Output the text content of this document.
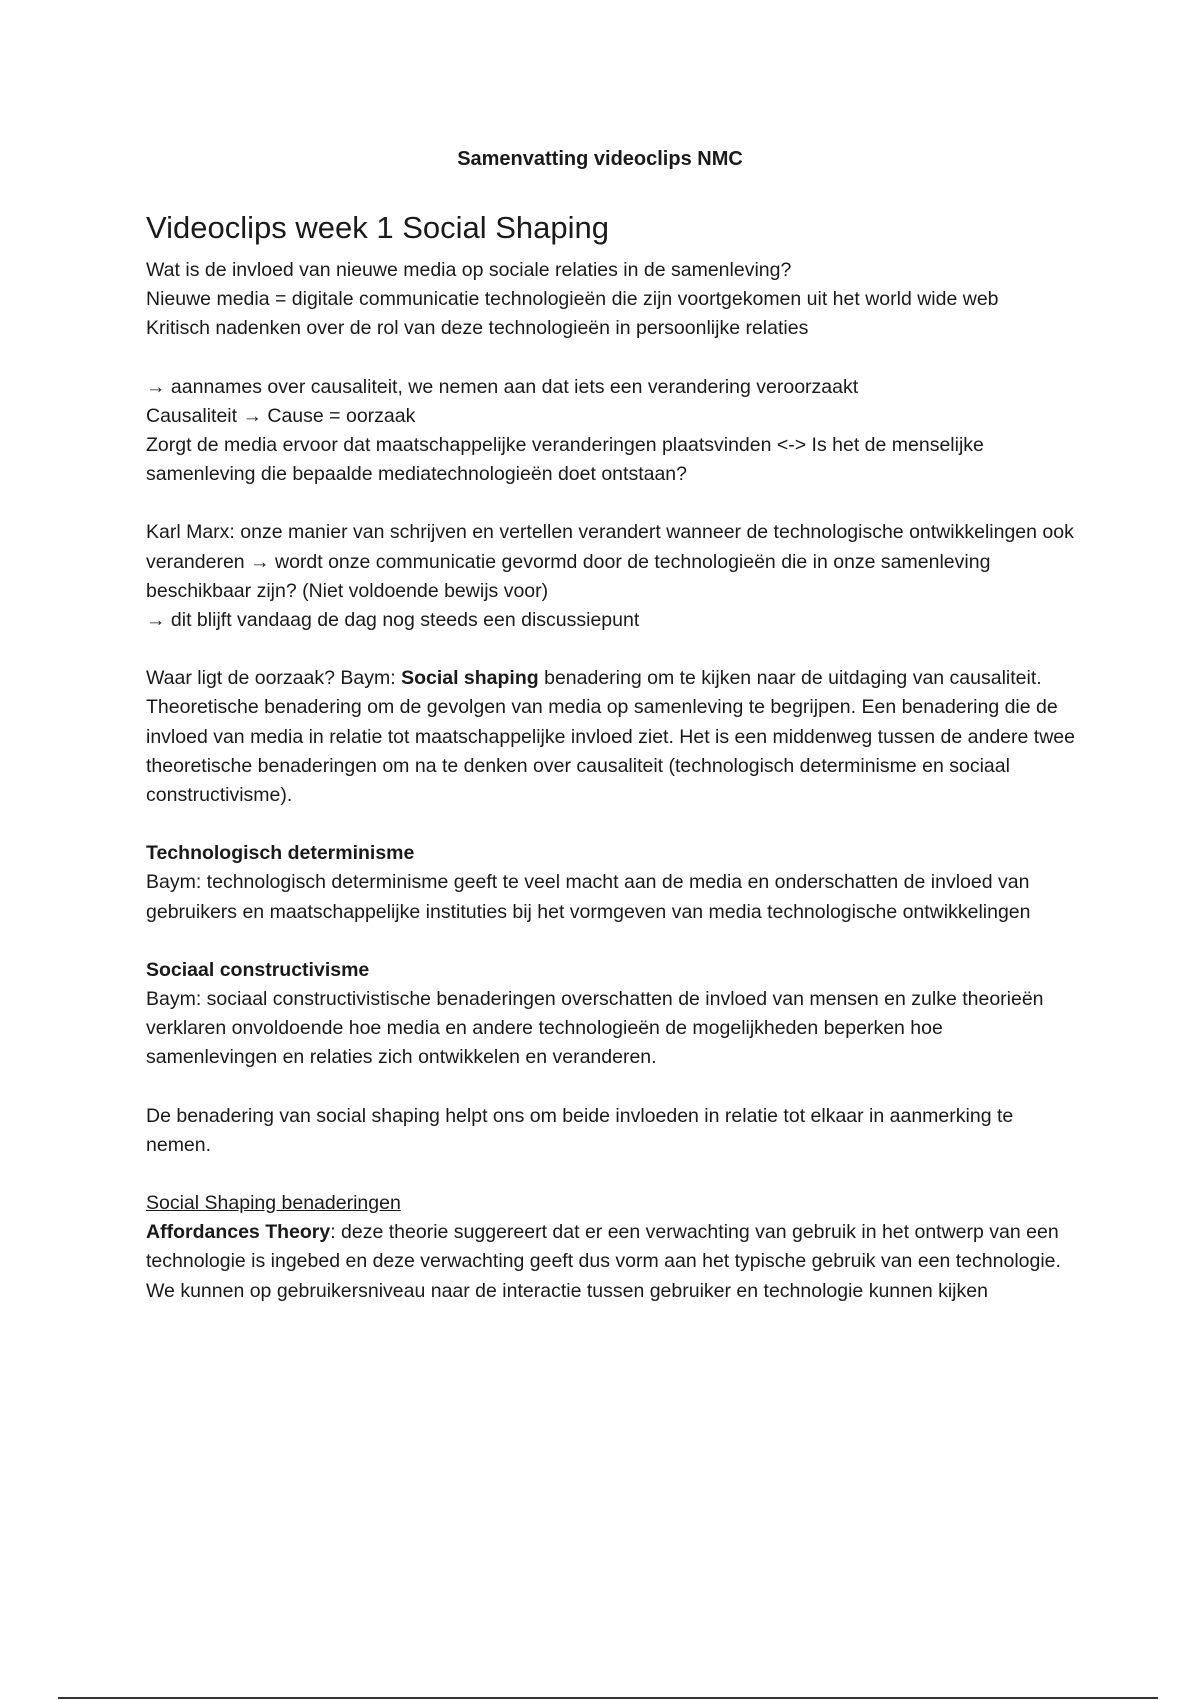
Samenvatting videoclips NMC
Videoclips week 1 Social Shaping

Wat is de invloed van nieuwe media op sociale relaties in de samenleving?

Nieuwe media = digitale communicatie technologieën die zijn voortgekomen uit het world wide web

Kritisch nadenken over de rol van deze technologieën in persoonlijke relaties

→ aannames over causaliteit, we nemen aan dat iets een verandering veroorzaakt

Causaliteit → Cause = oorzaak

Zorgt de media ervoor dat maatschappelijke veranderingen plaatsvinden <-> Is het de menselijke samenleving die bepaalde mediatechnologieën doet ontstaan?

Karl Marx: onze manier van schrijven en vertellen verandert wanneer de technologische ontwikkelingen ook veranderen → wordt onze communicatie gevormd door de technologieën die in onze samenleving beschikbaar zijn? (Niet voldoende bewijs voor)

→ dit blijft vandaag de dag nog steeds een discussiepunt

Waar ligt de oorzaak? Baym: Social shaping benadering om te kijken naar de uitdaging van causaliteit. Theoretische benadering om de gevolgen van media op samenleving te begrijpen. Een benadering die de invloed van media in relatie tot maatschappelijke invloed ziet. Het is een middenweg tussen de andere twee theoretische benaderingen om na te denken over causaliteit (technologisch determinisme en sociaal constructivisme).

Technologisch determinisme

Baym: technologisch determinisme geeft te veel macht aan de media en onderschatten de invloed van gebruikers en maatschappelijke instituties bij het vormgeven van media technologische ontwikkelingen

Sociaal constructivisme

Baym: sociaal constructivistische benaderingen overschatten de invloed van mensen en zulke theorieën verklaren onvoldoende hoe media en andere technologieën de mogelijkheden beperken hoe samenlevingen en relaties zich ontwikkelen en veranderen.

De benadering van social shaping helpt ons om beide invloeden in relatie tot elkaar in aanmerking te nemen.

Social Shaping benaderingen

Affordances Theory: deze theorie suggereert dat er een verwachting van gebruik in het ontwerp van een technologie is ingebed en deze verwachting geeft dus vorm aan het typische gebruik van een technologie. We kunnen op gebruikersniveau naar de interactie tussen gebruiker en technologie kunnen kijken
